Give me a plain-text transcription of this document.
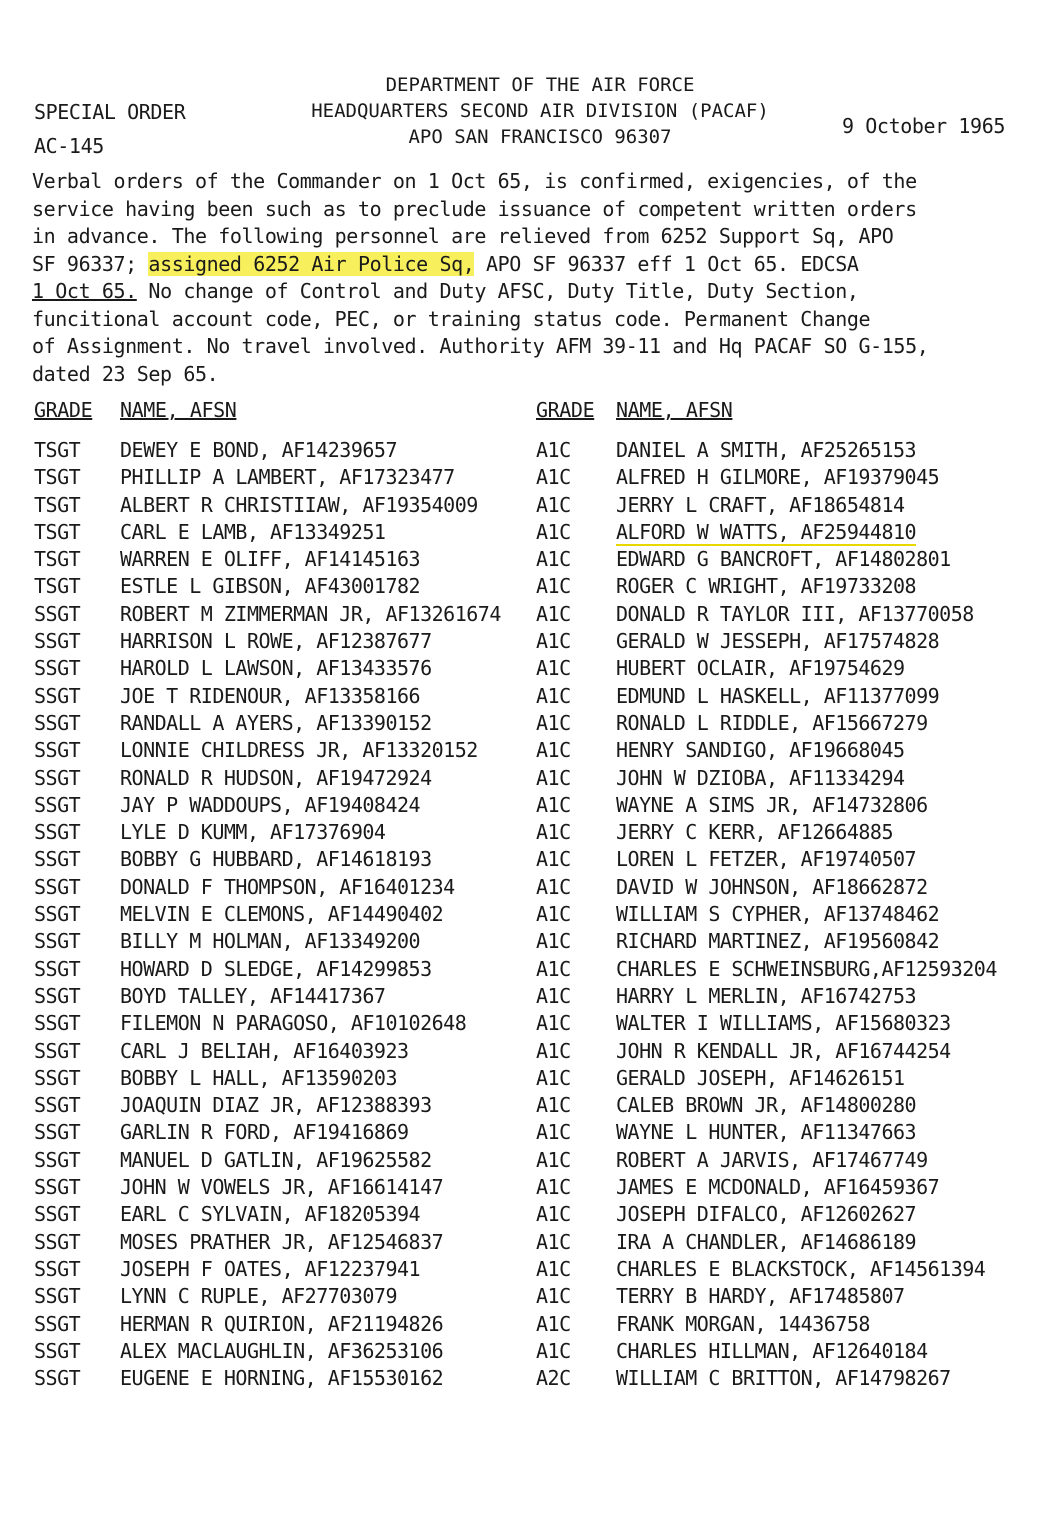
DEPARTMENT OF THE AIR FORCE
HEADQUARTERS SECOND AIR DIVISION (PACAF)
APO SAN FRANCISCO 96307
SPECIAL ORDER
AC-145
9 October 1965
Verbal orders of the Commander on 1 Oct 65, is confirmed, exigencies, of the
service having been such as to preclude issuance of competent written orders
in advance. The following personnel are relieved from 6252 Support Sq, APO
SF 96337; assigned 6252 Air Police Sq, APO SF 96337 eff 1 Oct 65. EDCSA
1 Oct 65. No change of Control and Duty AFSC, Duty Title, Duty Section,
funcitional account code, PEC, or training status code. Permanent Change
of Assignment. No travel involved. Authority AFM 39-11 and Hq PACAF SO G-155,
dated 23 Sep 65.
GRADE NAME, AFSN	GRADE NAME, AFSN
TSGT DEWEY E BOND, AF14239657	A1C DANIEL A SMITH, AF25265153
TSGT PHILLIP A LAMBERT, AF17323477	A1C ALFRED H GILMORE, AF19379045
TSGT ALBERT R CHRISTIIAW, AF19354009	A1C JERRY L CRAFT, AF18654814
TSGT CARL E LAMB, AF13349251	A1C ALFORD W WATTS, AF25944810
TSGT WARREN E OLIFF, AF14145163	A1C EDWARD G BANCROFT, AF14802801
TSGT ESTLE L GIBSON, AF43001782	A1C ROGER C WRIGHT, AF19733208
SSGT ROBERT M ZIMMERMAN JR, AF13261674 A1C DONALD R TAYLOR III, AF13770058
SSGT HARRISON L ROWE, AF12387677	A1C GERALD W JESSEPH, AF17574828
SSGT HAROLD L LAWSON, AF13433576	A1C HUBERT OCLAIR, AF19754629
SSGT JOE T RIDENOUR, AF13358166	A1C EDMUND L HASKELL, AF11377099
SSGT RANDALL A AYERS, AF13390152	A1C RONALD L RIDDLE, AF15667279
SSGT LONNIE CHILDRESS JR, AF13320152	A1C HENRY SANDIGO, AF19668045
SSGT RONALD R HUDSON, AF19472924	A1C JOHN W DZIOBA, AF11334294
SSGT JAY P WADDOUPS, AF19408424	A1C WAYNE A SIMS JR, AF14732806
SSGT LYLE D KUMM, AF17376904	A1C JERRY C KERR, AF12664885
SSGT BOBBY G HUBBARD, AF14618193	A1C LOREN L FETZER, AF19740507
SSGT DONALD F THOMPSON, AF16401234	A1C DAVID W JOHNSON, AF18662872
SSGT MELVIN E CLEMONS, AF14490402	A1C WILLIAM S CYPHER, AF13748462
SSGT BILLY M HOLMAN, AF13349200	A1C RICHARD MARTINEZ, AF19560842
SSGT HOWARD D SLEDGE, AF14299853	A1C CHARLES E SCHWEINSBURG,AF12593204
SSGT BOYD TALLEY, AF14417367	A1C HARRY L MERLIN, AF16742753
SSGT FILEMON N PARAGOSO, AF10102648	A1C WALTER I WILLIAMS, AF15680323
SSGT CARL J BELIAH, AF16403923	A1C JOHN R KENDALL JR, AF16744254
SSGT BOBBY L HALL, AF13590203	A1C GERALD JOSEPH, AF14626151
SSGT JOAQUIN DIAZ JR, AF12388393	A1C CALEB BROWN JR, AF14800280
SSGT GARLIN R FORD, AF19416869	A1C WAYNE L HUNTER, AF11347663
SSGT MANUEL D GATLIN, AF19625582	A1C ROBERT A JARVIS, AF17467749
SSGT JOHN W VOWELS JR, AF16614147	A1C JAMES E MCDONALD, AF16459367
SSGT EARL C SYLVAIN, AF18205394	A1C JOSEPH DIFALCO, AF12602627
SSGT MOSES PRATHER JR, AF12546837	A1C IRA A CHANDLER, AF14686189
SSGT JOSEPH F OATES, AF12237941	A1C CHARLES E BLACKSTOCK, AF14561394
SSGT LYNN C RUPLE, AF27703079	A1C TERRY B HARDY, AF17485807
SSGT HERMAN R QUIRION, AF21194826	A1C FRANK MORGAN, 14436758
SSGT ALEX MACLAUGHLIN, AF36253106	A1C CHARLES HILLMAN, AF12640184
SSGT EUGENE E HORNING, AF15530162	A2C WILLIAM C BRITTON, AF14798267
